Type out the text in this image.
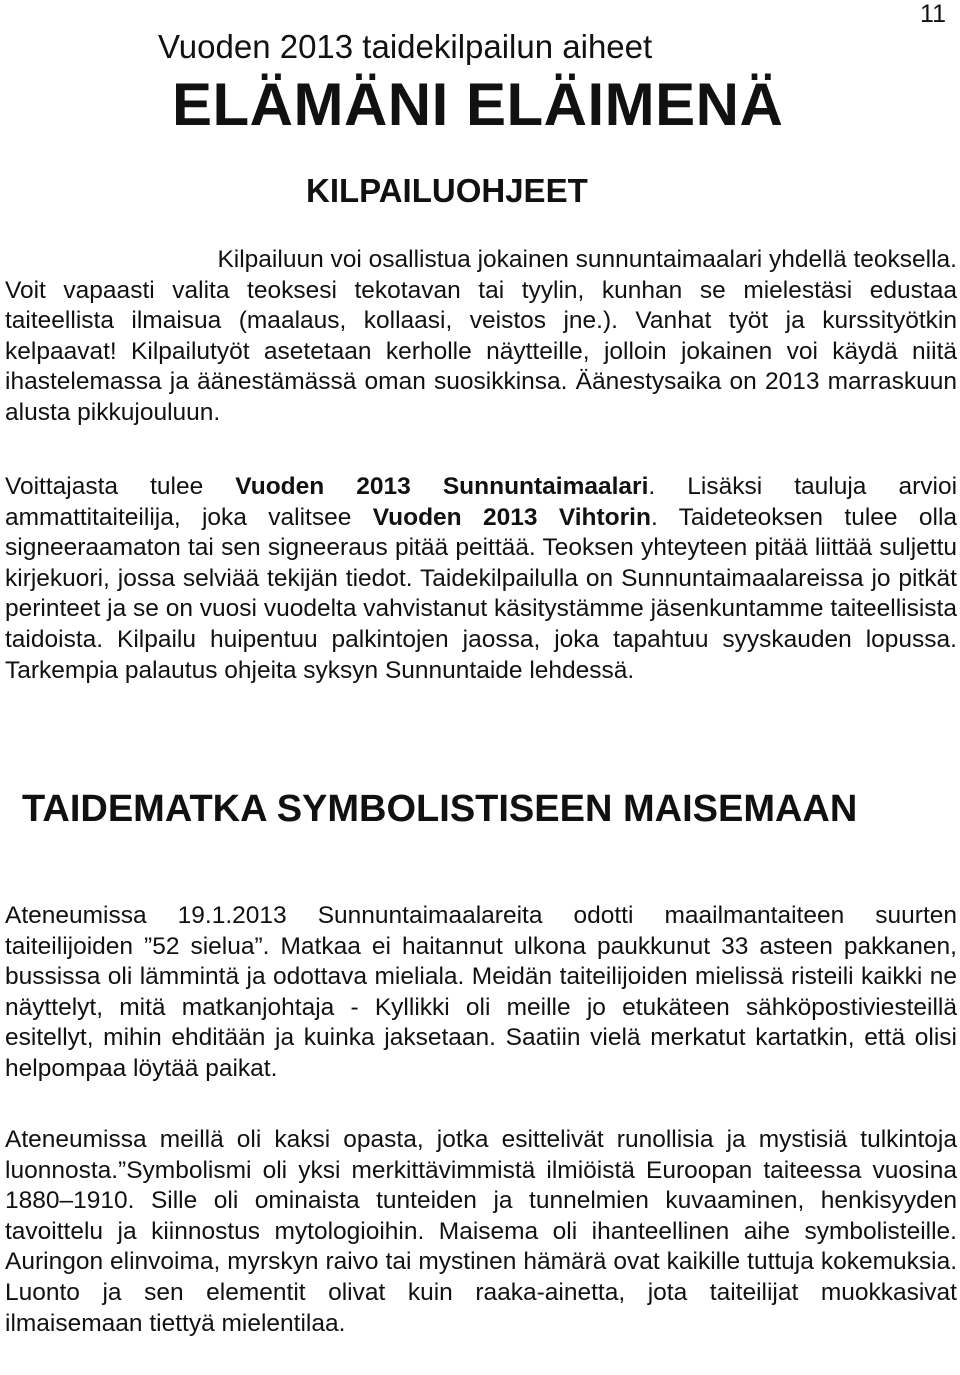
11
Vuoden 2013 taidekilpailun aiheet
ELÄMÄNI ELÄIMENÄ
KILPAILUOHJEET

Kilpailuun voi osallistua jokainen sunnuntaimaalari yhdellä teoksella.
Voit vapaasti valita teoksesi tekotavan tai tyylin, kunhan se mielestäsi edustaa taiteellista ilmaisua (maalaus, kollaasi, veistos jne.). Vanhat työt ja kurssityötkin kelpaavat! Kilpailutyöt asetetaan kerholle näytteille, jolloin jokainen voi käydä niitä ihastelemassa ja äänestämässä oman suosikkinsa. Äänestysaika on 2013 marraskuun alusta pikkujouluun.

Voittajasta tulee Vuoden 2013 Sunnuntaimaalari. Lisäksi tauluja arvioi ammattitaiteilija, joka valitsee Vuoden 2013 Vihtorin. Taideteoksen tulee olla signeeraamaton tai sen signeeraus pitää peittää. Teoksen yhteyteen pitää liittää suljettu kirjekuori, jossa selviää tekijän tiedot. Taidekilpailulla on Sunnuntaimaalareissa jo pitkät perinteet ja se on vuosi vuodelta vahvistanut käsitystämme jäsenkuntamme taiteellisista taidoista. Kilpailu huipentuu palkintojen jaossa, joka tapahtuu syyskauden lopussa. Tarkempia palautus ohjeita syksyn Sunnuntaide lehdessä.

TAIDEMATKA SYMBOLISTISEEN MAISEMAAN

Ateneumissa 19.1.2013 Sunnuntaimaalareita odotti maailmantaiteen suurten taiteilijoiden ”52 sielua”. Matkaa ei haitannut ulkona paukkunut 33 asteen pakkanen, bussissa oli lämmintä ja odottava mieliala. Meidän taiteilijoiden mielissä risteili kaikki ne näyttelyt, mitä matkanjohtaja - Kyllikki oli meille jo etukäteen sähköpostiviesteillä esitellyt, mihin ehditään ja kuinka jaksetaan. Saatiin vielä merkatut kartatkin, että olisi helpompaa löytää paikat.

Ateneumissa meillä oli kaksi opasta, jotka esittelivät runollisia ja mystisiä tulkintoja luonnosta.”Symbolismi oli yksi merkittävimmistä ilmiöistä Euroopan taiteessa vuosina 1880–1910. Sille oli ominaista tunteiden ja tunnelmien kuvaaminen, henkisyyden tavoittelu ja kiinnostus mytologioihin. Maisema oli ihanteellinen aihe symbolisteille. Auringon elinvoima, myrskyn raivo tai mystinen hämärä ovat kaikille tuttuja kokemuksia. Luonto ja sen elementit olivat kuin raaka-ainetta, jota taiteilijat muokkasivat ilmaisemaan tiettyä mielentilaa.
